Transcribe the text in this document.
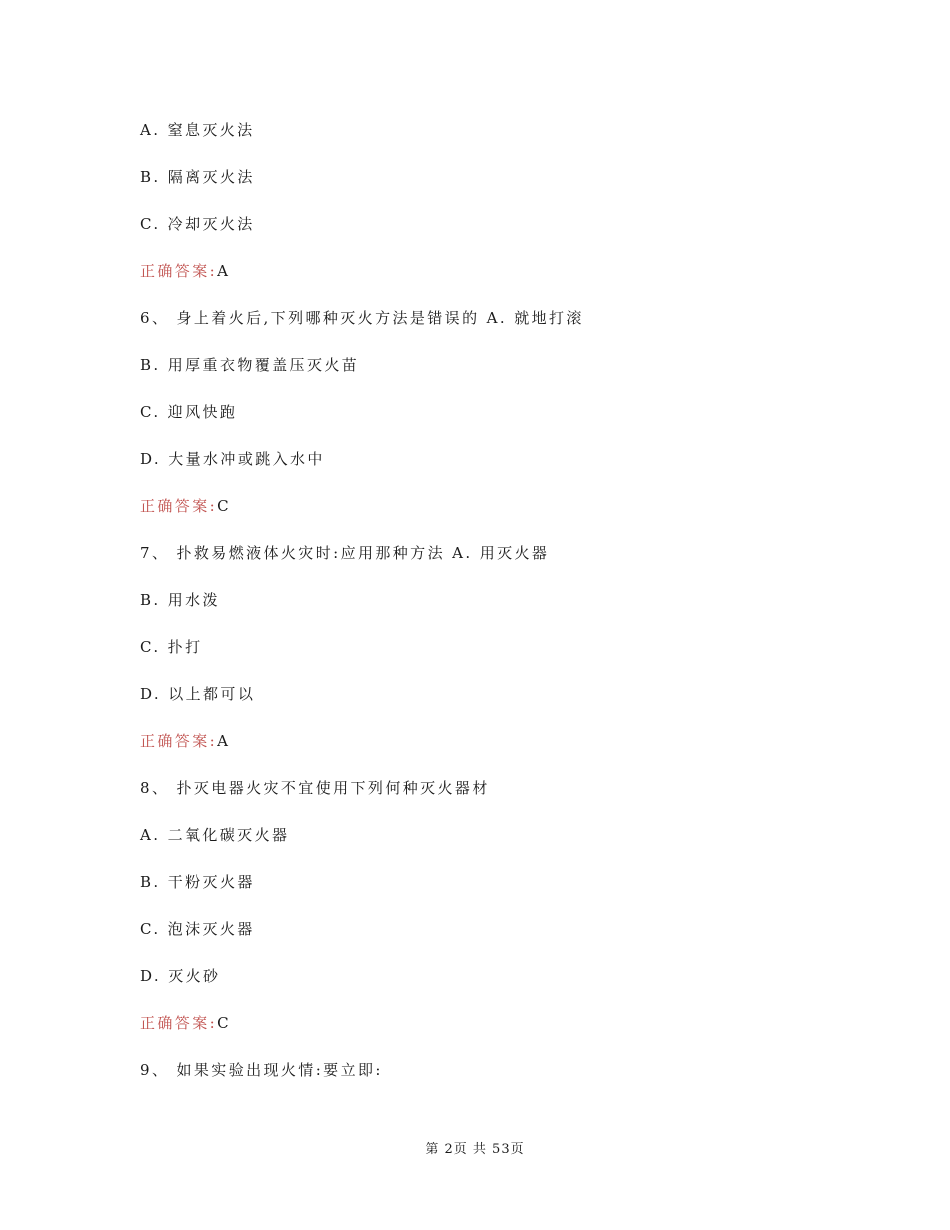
A. 窒息灭火法
B. 隔离灭火法
C. 冷却灭火法
正确答案:A
6、 身上着火后,下列哪种灭火方法是错误的 A. 就地打滚
B. 用厚重衣物覆盖压灭火苗
C. 迎风快跑
D. 大量水冲或跳入水中
正确答案:C
7、 扑救易燃液体火灾时:应用那种方法 A. 用灭火器
B. 用水泼
C. 扑打
D. 以上都可以
正确答案:A
8、 扑灭电器火灾不宜使用下列何种灭火器材
A. 二氧化碳灭火器
B. 干粉灭火器
C. 泡沫灭火器
D. 灭火砂
正确答案:C
9、 如果实验出现火情:要立即:
第 2页 共 53页
